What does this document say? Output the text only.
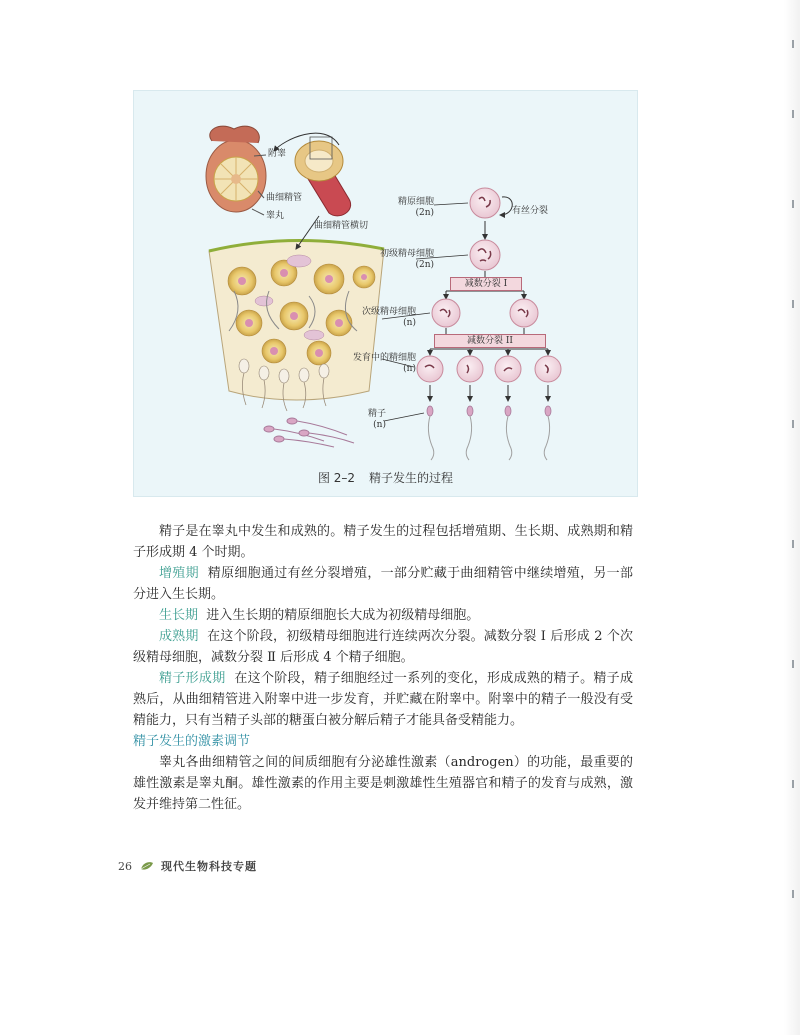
附睾
曲细精管
睾丸
曲细精管横切
精原细胞
(2n)	有丝分裂
初级精母细胞
(2n)
减数分裂 I
次级精母细胞
(n)
减数分裂 II
发育中的精细胞
(n)
精子
(n)
图 2–2 精子发生的过程

精子是在睾丸中发生和成熟的。精子发生的过程包括增殖期、生长期、成熟期和精子形成期 4 个时期。

增殖期 精原细胞通过有丝分裂增殖，一部分贮藏于曲细精管中继续增殖，另一部分进入生长期。

生长期 进入生长期的精原细胞长大成为初级精母细胞。

成熟期 在这个阶段，初级精母细胞进行连续两次分裂。减数分裂 Ⅰ 后形成 2 个次级精母细胞，减数分裂 Ⅱ 后形成 4 个精子细胞。

精子形成期 在这个阶段，精子细胞经过一系列的变化，形成成熟的精子。精子成熟后，从曲细精管进入附睾中进一步发育，并贮藏在附睾中。附睾中的精子一般没有受精能力，只有当精子头部的糖蛋白被分解后精子才能具备受精能力。

精子发生的激素调节

睾丸各曲细精管之间的间质细胞有分泌雄性激素（androgen）的功能，最重要的雄性激素是睾丸酮。雄性激素的作用主要是刺激雄性生殖器官和精子的发育与成熟，激发并维持第二性征。

26	现代生物科技专题
